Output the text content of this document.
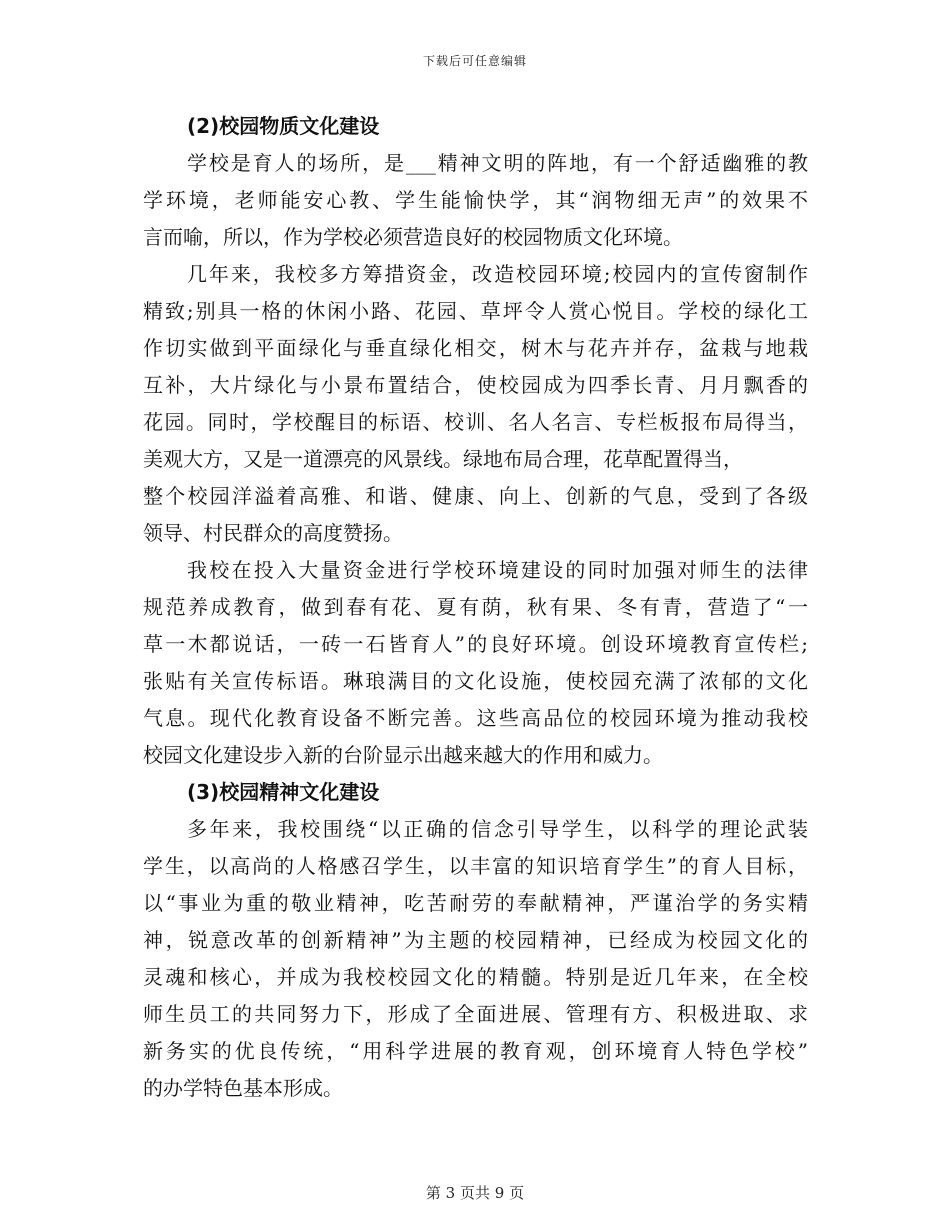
下载后可任意编辑
(2)校园物质文化建设
学校是育人的场所，是___精神文明的阵地，有一个舒适幽雅的教
学环境，老师能安心教、学生能愉快学，其“润物细无声”的效果不
言而喻，所以，作为学校必须营造良好的校园物质文化环境。
几年来，我校多方筹措资金，改造校园环境;校园内的宣传窗制作
精致;别具一格的休闲小路、花园、草坪令人赏心悦目。学校的绿化工
作切实做到平面绿化与垂直绿化相交，树木与花卉并存，盆栽与地栽
互补，大片绿化与小景布置结合，使校园成为四季长青、月月飘香的
花园。同时，学校醒目的标语、校训、名人名言、专栏板报布局得当，
美观大方，又是一道漂亮的风景线。绿地布局合理，花草配置得当，
整个校园洋溢着高雅、和谐、健康、向上、创新的气息，受到了各级
领导、村民群众的高度赞扬。
我校在投入大量资金进行学校环境建设的同时加强对师生的法律
规范养成教育，做到春有花、夏有荫，秋有果、冬有青，营造了“一
草一木都说话，一砖一石皆育人”的良好环境。创设环境教育宣传栏;
张贴有关宣传标语。琳琅满目的文化设施，使校园充满了浓郁的文化
气息。现代化教育设备不断完善。这些高品位的校园环境为推动我校
校园文化建设步入新的台阶显示出越来越大的作用和威力。
(3)校园精神文化建设
多年来，我校围绕“以正确的信念引导学生，以科学的理论武装
学生，以高尚的人格感召学生，以丰富的知识培育学生”的育人目标，
以“事业为重的敬业精神，吃苦耐劳的奉献精神，严谨治学的务实精
神，锐意改革的创新精神”为主题的校园精神，已经成为校园文化的
灵魂和核心，并成为我校校园文化的精髓。特别是近几年来，在全校
师生员工的共同努力下，形成了全面进展、管理有方、积极进取、求
新务实的优良传统，“用科学进展的教育观，创环境育人特色学校”
的办学特色基本形成。
第 3 页共 9 页
